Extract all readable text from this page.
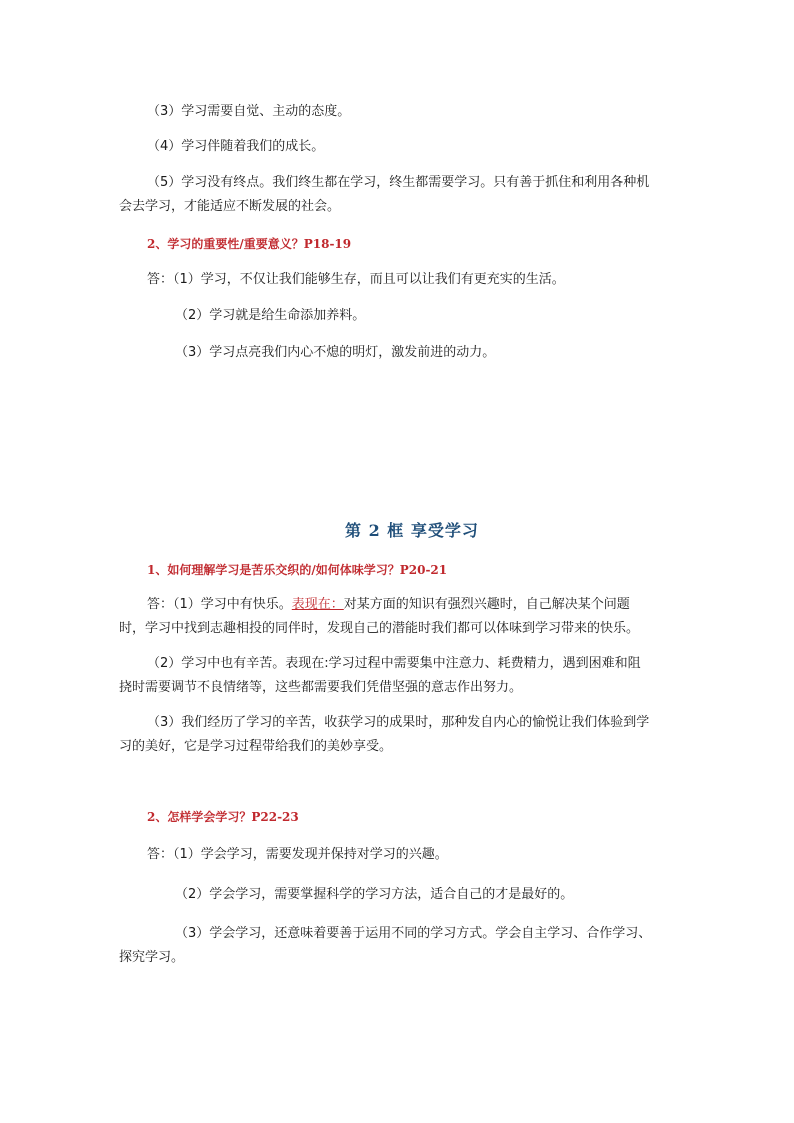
（3）学习需要自觉、主动的态度。
（4）学习伴随着我们的成长。
（5）学习没有终点。我们终生都在学习，终生都需要学习。只有善于抓住和利用各种机
会去学习，才能适应不断发展的社会。
2、学习的重要性/重要意义？P18-19
答：（1）学习，不仅让我们能够生存，而且可以让我们有更充实的生活。
（2）学习就是给生命添加养料。
（3）学习点亮我们内心不熄的明灯，激发前进的动力。
第 2 框 享受学习
1、如何理解学习是苦乐交织的/如何体味学习？P20-21
答：（1）学习中有快乐。表现在：对某方面的知识有强烈兴趣时，自己解决某个问题
时，学习中找到志趣相投的同伴时，发现自己的潜能时我们都可以体味到学习带来的快乐。
（2）学习中也有辛苦。表现在:学习过程中需要集中注意力、耗费精力，遇到困难和阻
挠时需要调节不良情绪等，这些都需要我们凭借坚强的意志作出努力。
（3）我们经历了学习的辛苦，收获学习的成果时，那种发自内心的愉悦让我们体验到学
习的美好，它是学习过程带给我们的美妙享受。
2、怎样学会学习？P22-23
答：（1）学会学习，需要发现并保持对学习的兴趣。
（2）学会学习，需要掌握科学的学习方法，适合自己的才是最好的。
（3）学会学习，还意味着要善于运用不同的学习方式。学会自主学习、合作学习、
探究学习。
